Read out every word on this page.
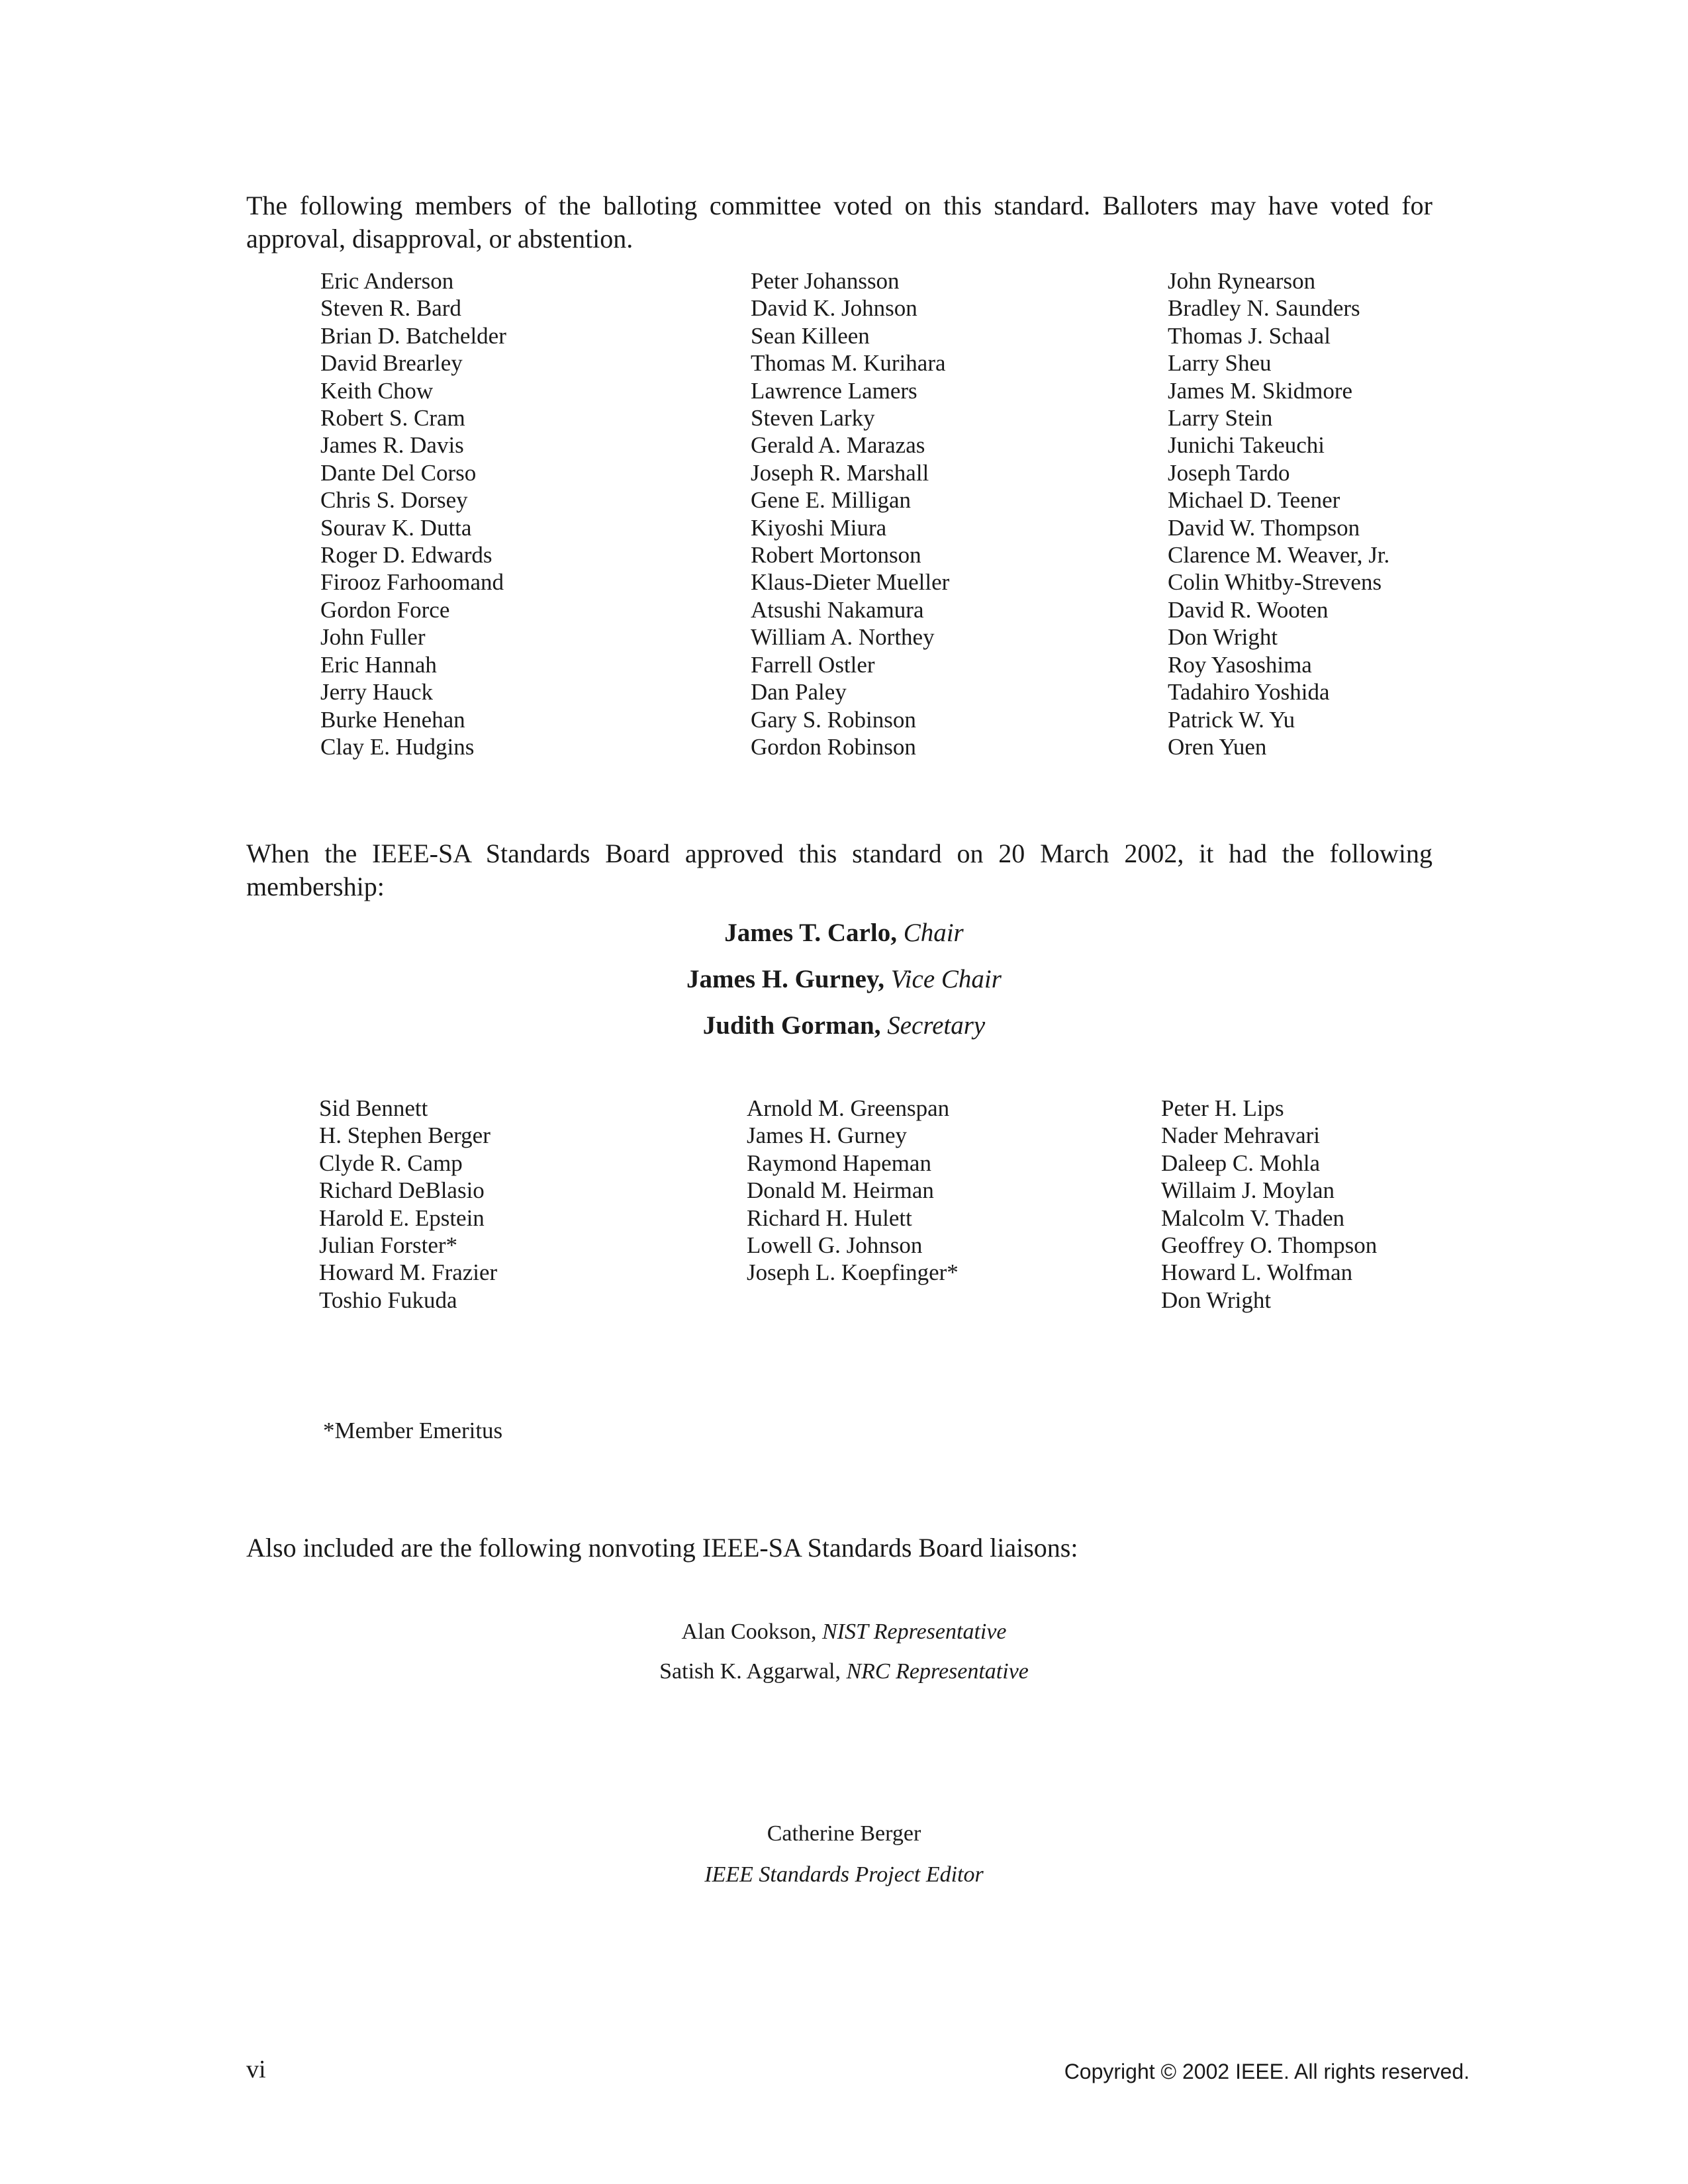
The following members of the balloting committee voted on this standard. Balloters may have voted for approval, disapproval, or abstention.

Eric Anderson
Steven R. Bard
Brian D. Batchelder
David Brearley
Keith Chow
Robert S. Cram
James R. Davis
Dante Del Corso
Chris S. Dorsey
Sourav K. Dutta
Roger D. Edwards
Firooz Farhoomand
Gordon Force
John Fuller
Eric Hannah
Jerry Hauck
Burke Henehan
Clay E. Hudgins
Peter Johansson
David K. Johnson
Sean Killeen
Thomas M. Kurihara
Lawrence Lamers
Steven Larky
Gerald A. Marazas
Joseph R. Marshall
Gene E. Milligan
Kiyoshi Miura
Robert Mortonson
Klaus-Dieter Mueller
Atsushi Nakamura
William A. Northey
Farrell Ostler
Dan Paley
Gary S. Robinson
Gordon Robinson
John Rynearson
Bradley N. Saunders
Thomas J. Schaal
Larry Sheu
James M. Skidmore
Larry Stein
Junichi Takeuchi
Joseph Tardo
Michael D. Teener
David W. Thompson
Clarence M. Weaver, Jr.
Colin Whitby-Strevens
David R. Wooten
Don Wright
Roy Yasoshima
Tadahiro Yoshida
Patrick W. Yu
Oren Yuen

When the IEEE-SA Standards Board approved this standard on 20 March 2002, it had the following membership:

James T. Carlo, Chair

James H. Gurney, Vice Chair

Judith Gorman, Secretary

Sid Bennett
H. Stephen Berger
Clyde R. Camp
Richard DeBlasio
Harold E. Epstein
Julian Forster*
Howard M. Frazier
Toshio Fukuda
Arnold M. Greenspan
James H. Gurney
Raymond Hapeman
Donald M. Heirman
Richard H. Hulett
Lowell G. Johnson
Joseph L. Koepfinger*
Peter H. Lips
Nader Mehravari
Daleep C. Mohla
Willaim J. Moylan
Malcolm V. Thaden
Geoffrey O. Thompson
Howard L. Wolfman
Don Wright

*Member Emeritus

Also included are the following nonvoting IEEE-SA Standards Board liaisons:

Alan Cookson, NIST Representative

Satish K. Aggarwal, NRC Representative

Catherine Berger

IEEE Standards Project Editor

vi	Copyright © 2002 IEEE. All rights reserved.
